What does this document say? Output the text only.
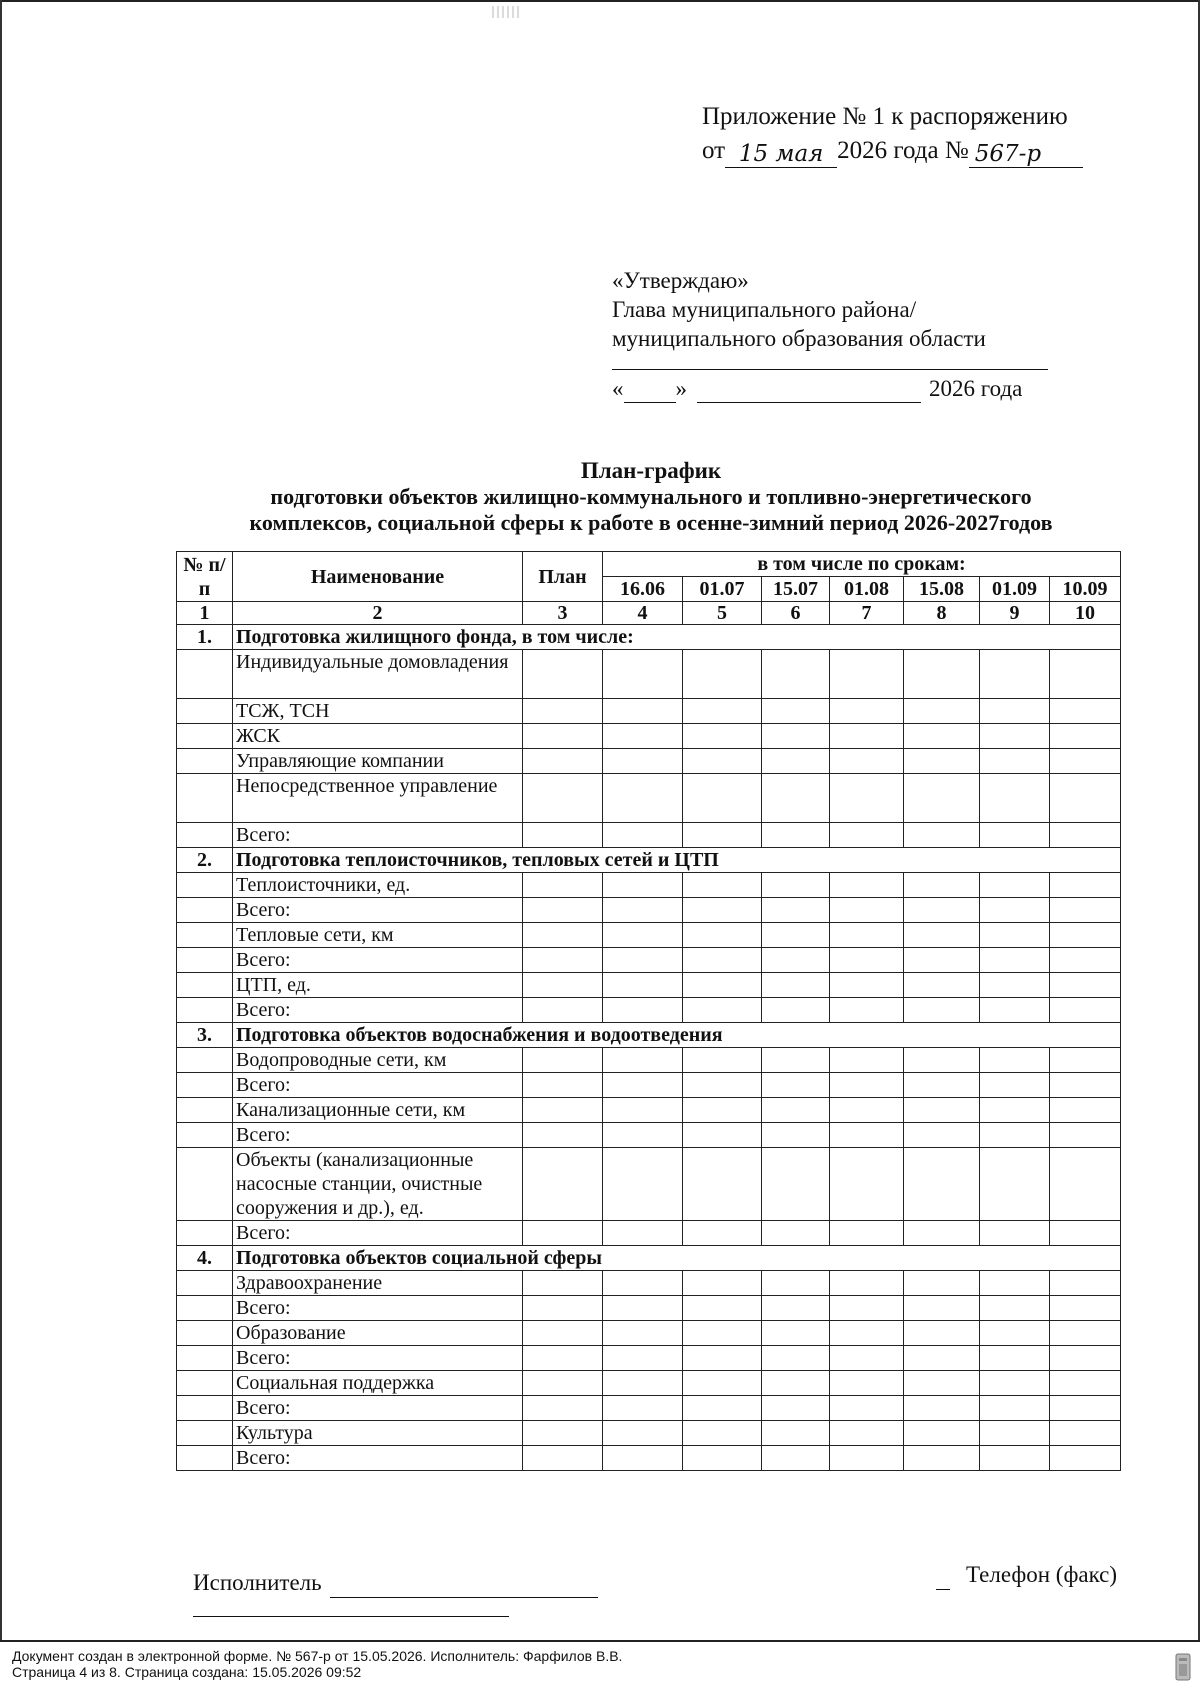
Приложение № 1 к распоряжению
от 15 мая 2026 года № 567-р
«Утверждаю»
Глава муниципального района/
муниципального образования области
« »	2026 года
План-график
подготовки объектов жилищно-коммунального и топливно-энергетического
комплексов, социальной сферы к работе в осенне-зимний период 2026-2027годов
№ п/п	Наименование	План	в том числе по срокам:						
			16.06	01.07	15.07	01.08	15.08	01.09	10.09
1	2	3	4	5	6	7	8	9	10
1.	Подготовка жилищного фонда, в том числе:								
	Индивидуальные домовладения								
	ТСЖ, ТСН								
	ЖСК								
	Управляющие компании								
	Непосредственное управление								
	Всего:								
2.	Подготовка теплоисточников, тепловых сетей и ЦТП								
	Теплоисточники, ед.								
	Всего:								
	Тепловые сети, км								
	Всего:								
	ЦТП, ед.								
	Всего:								
3.	Подготовка объектов водоснабжения и водоотведения								
	Водопроводные сети, км								
	Всего:								
	Канализационные сети, км								
	Всего:								
	Объекты (канализационные насосные станции, очистные сооружения и др.), ед.								
	Всего:								
4.	Подготовка объектов социальной сферы								
	Здравоохранение								
	Всего:								
	Образование								
	Всего:								
	Социальная поддержка								
	Всего:								
	Культура								
	Всего:								
Исполнитель	Телефон (факс)
Документ создан в электронной форме. № 567-р от 15.05.2026. Исполнитель: Фарфилов В.В.
Страница 4 из 8. Страница создана: 15.05.2026 09:52
